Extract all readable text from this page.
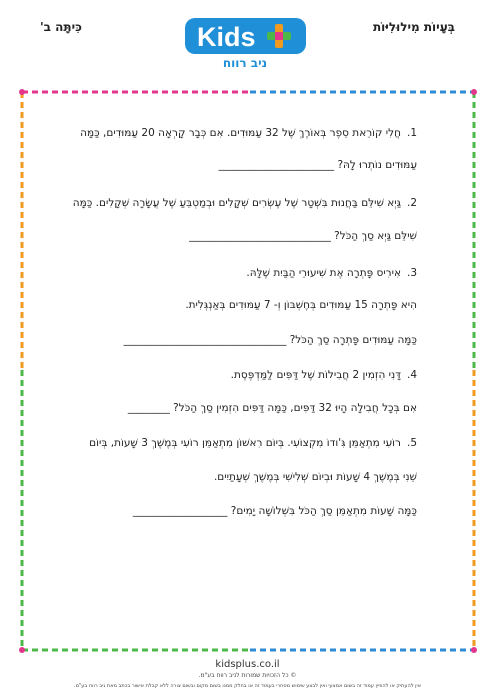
כִּיתָּה ב'	בְּעָיוֹת מִילוּלִיּוֹת
Kids
ניב רווח
1.חֲלִי קוֹרֵאת סֵפֶר בְּאוֹרֶךְ שֶׁל 32 עַמּוּדִים. אִם כְּבָר קָרְאָה 20 עַמּוּדִים, כַּמָּה
עַמּוּדִים נוֹתְרוּ לָהּ? ______________________
2.גַּיְא שִׁילֵּם בַּחֲנוּת בִּשְׁטָר שֶׁל עֶשְׂרִים שְׁקָלִים וּבְמַטְבֵּעַ שֶׁל עֲשָׂרָה שְׁקָלִים. כַּמָּה
שִׁילֵּם גַּיְא סַךְ הַכֹּל? ___________________________
3.אִירִיס פָּתְרָה אֶת שִׁיעוּרֵי הַבַּיִת שֶׁלָּהּ.
הִיא פָּתְרָה 15 עַמּוּדִים בְּחֶשְׁבּוֹן וְ- 7 עַמּוּדִים בְּאַנְגְּלִית.
כַּמָּה עַמּוּדִים פָּתְרָה סַךְ הַכֹּל? _______________________________
4.דָּנִי הִזְמִין 2 חֲבִילוֹת שֶׁל דַּפִּים לַמַּדְפֶּסֶת.
אִם בְּכָל חֲבִילָה הָיוּ 32 דַּפִּים, כַּמָּה דַּפִּים הִזְמִין סַךְ הַכֹּל? ________
5.רוֹעִי מִתְאַמֵּן גִּ'ודוֹ מִקְצוֹעִי. בְּיוֹם רִאשׁוֹן מִתְאַמֵּן רוֹעִי בְּמֶשֶׁךְ 3 שָׁעוֹת, בְּיוֹם
שֵׁנִי בְּמֶשֶׁךְ 4 שָׁעוֹת וּבְיוֹם שְׁלִישִׁי בְּמֶשֶׁךְ שְׁעָתַיִים.
כַּמָּה שָׁעוֹת מִתְאַמֵּן סַךְ הַכֹּל בִּשְׁלוֹשָׁה יָמִים? __________________
kidsplus.co.il
© כל הזכויות שמורות לניב רווח בע"מ.
אין להעתיק או להפיץ עמוד זה בשום אמצעי ואין לבצע שימוש מסחרי בעמוד זה או בחלק ממנו בשום מקום ובשום צורה ללא קבלת אישור בכתב מאת ניב רווח בע"מ.
